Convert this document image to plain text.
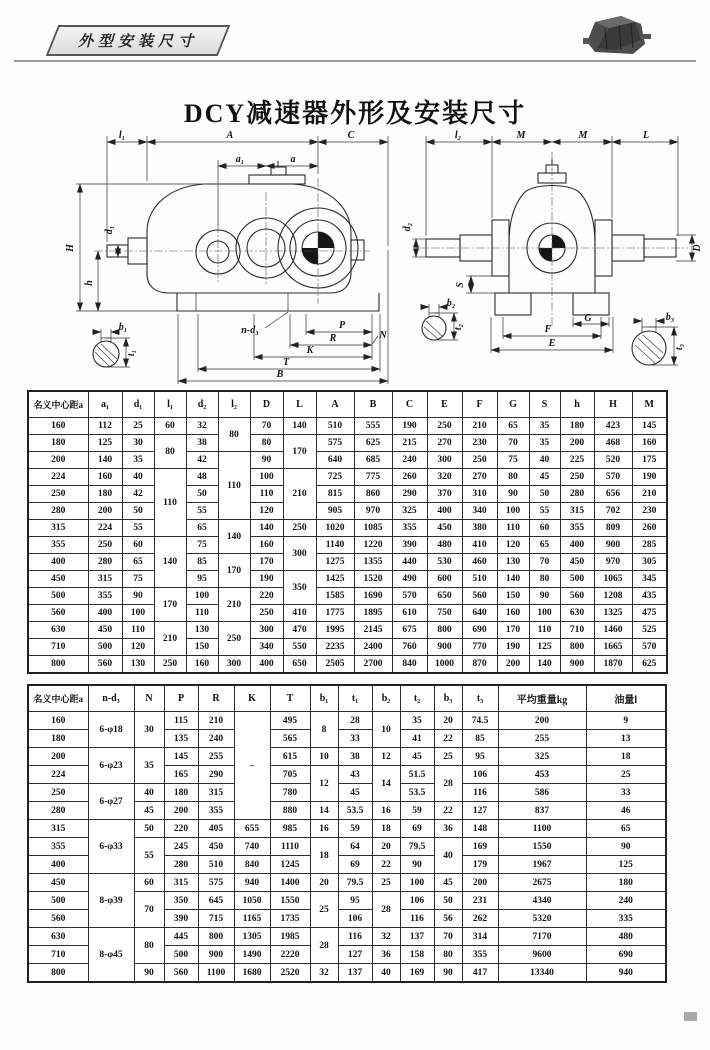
外型安装尺寸
DCY减速器外形及安装尺寸
l₁	A	C
a₁	a
H
d₁
h
n-d₃	P
N
R
K
T
B
b₁
t₁
l₂	M	M	L
d₂
D
S
F
G
E
b₂
t₂
b₃
t₃
名义中心距a	a₁	d₁	l₁	d₂	l₂	D	L	A	B	C	E	F	G	S	h	H	M
160	112	25	60	32	80	70	140	510	555	190	250	210	65	35	180	423	145
180	125	30	80	38		80	170	575	625	215	270	230	70	35	200	468	160
200	140	35		42	110	90		640	685	240	300	250	75	40	225	520	175
224	160	40	110	48		100	210	725	775	260	320	270	80	45	250	570	190
250	180	42		50		110		815	860	290	370	310	90	50	280	656	210
280	200	50		55		120		905	970	325	400	340	100	55	315	702	230
315	224	55		65	140	140	250	1020	1085	355	450	380	110	60	355	809	260
355	250	60	140	75		160	300	1140	1220	390	480	410	120	65	400	900	285
400	280	65		85	170	170		1275	1355	440	530	460	130	70	450	970	305
450	315	75		95		190	350	1425	1520	490	600	510	140	80	500	1065	345
500	355	90	170	100	210	220		1585	1690	570	650	560	150	90	560	1208	435
560	400	100		110		250	410	1775	1895	610	750	640	160	100	630	1325	475
630	450	110	210	130	250	300	470	1995	2145	675	800	690	170	110	710	1460	525
710	500	120		150		340	550	2235	2400	760	900	770	190	125	800	1665	570
800	560	130	250	160	300	400	650	2505	2700	840	1000	870	200	140	900	1870	625
名义中心距a	n-d₃	N	P	R	K	T	b₁	t₁	b₂	t₂	b₃	t₃	平均重量kg	油量l
160	6-φ18	30	115	210	–	495	8	28	10	35	20	74.5	200	9
180			135	240		565		33		41	22	85	255	13
200	6-φ23	35	145	255		615	10	38	12	45	25	95	325	18
224			165	290		705	12	43	14	51.5	28	106	453	25
250	6-φ27	40	180	315		780		45		53.5		116	586	33
280		45	200	355		880	14	53.5	16	59	22	127	837	46
315	6-φ33	50	220	405	655	985	16	59	18	69	36	148	1100	65
355		55	245	450	740	1110	18	64	20	79.5	40	169	1550	90
400			280	510	840	1245		69	22	90		179	1967	125
450	8-φ39	60	315	575	940	1400	20	79.5	25	100	45	200	2675	180
500		70	350	645	1050	1550	25	95	28	106	50	231	4340	240
560			390	715	1165	1735		106		116	56	262	5320	335
630	8-φ45	80	445	800	1305	1985	28	116	32	137	70	314	7170	480
710			500	900	1490	2220		127	36	158	80	355	9600	690
800		90	560	1100	1680	2520	32	137	40	169	90	417	13340	940
